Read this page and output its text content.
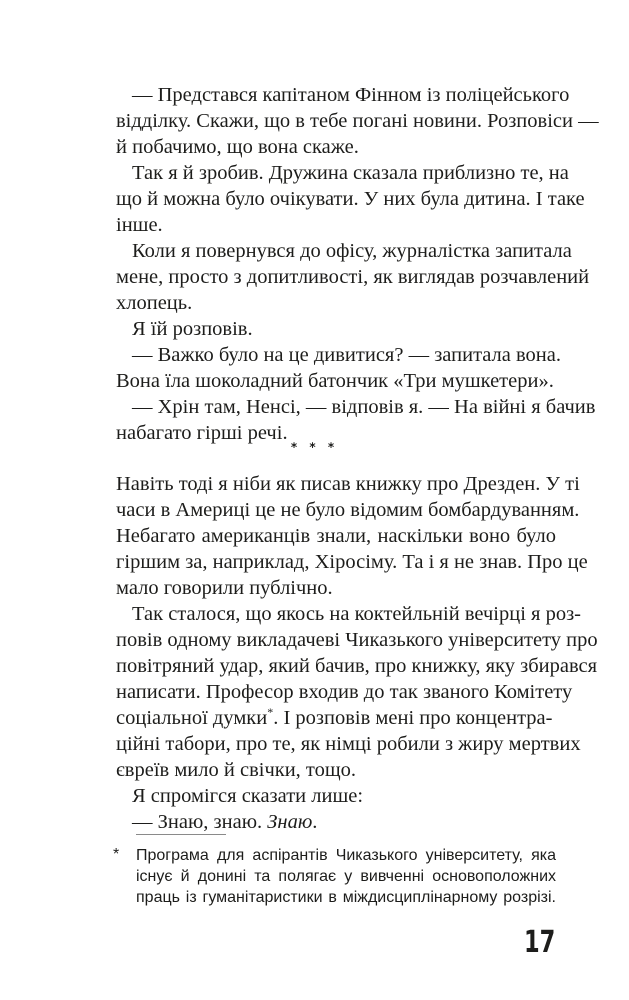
— Представся капітаном Фінном із поліцейського
відділку. Скажи, що в тебе погані новини. Розповіси —
й побачимо, що вона скаже.
Так я й зробив. Дружина сказала приблизно те, на
що й можна було очікувати. У них була дитина. І таке
інше.
Коли я повернувся до офісу, журналістка запитала
мене, просто з допитливості, як виглядав розчавлений
хлопець.
Я їй розповів.
— Важко було на це дивитися? — запитала вона.
Вона їла шоколадний батончик «Три мушкетери».
— Хрін там, Ненсі, — відповів я. — На війні я бачив
набагато гірші речі. ⁎ ⁎ ⁎
Навіть тоді я ніби як писав книжку про Дрезден. У ті
часи в Америці це не було відомим бомбардуванням.
Небагато американців знали, наскільки воно було
гіршим за, наприклад, Хіросіму. Та і я не знав. Про це
мало говорили публічно.
Так сталося, що якось на коктейльній вечірці я роз-
повів одному викладачеві Чиказького університету про
повітряний удар, який бачив, про книжку, яку збирався
написати. Професор входив до так званого Комітету
соціальної думки*. І розповів мені про концентра-
ційні табори, про те, як німці робили з жиру мертвих
євреїв мило й свічки, тощо.
Я спромігся сказати лише:
— Знаю, знаю. Знаю.
* Програма для аспірантів Чиказького університету, яка
існує й донині та полягає у вивченні основоположних
праць із гуманітаристики в міждисциплінарному розрізі.
17
